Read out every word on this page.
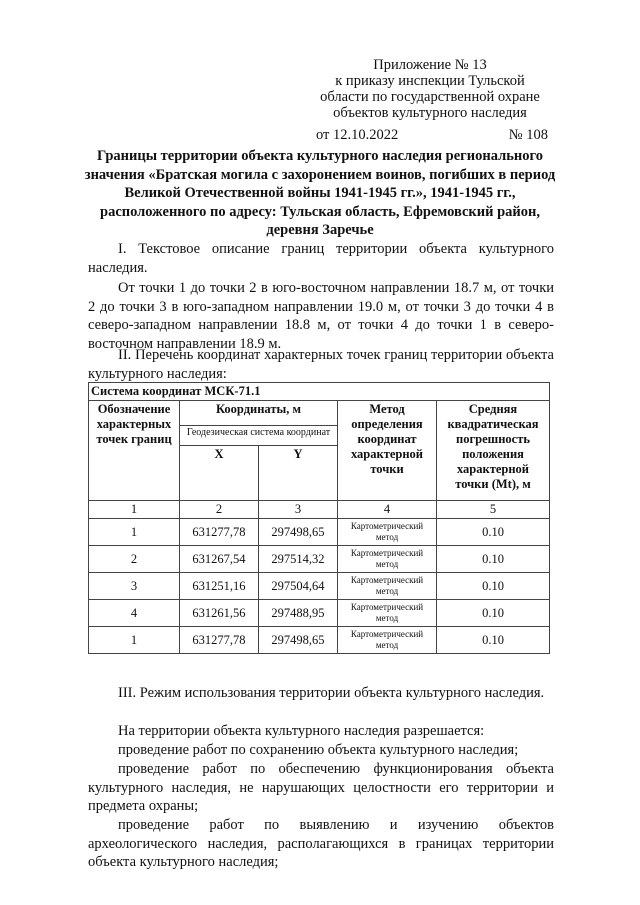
Приложение № 13
к приказу инспекции Тульской
области по государственной охране
объектов культурного наследия
от 12.10.2022	№ 108
Границы территории объекта культурного наследия регионального значения «Братская могила с захоронением воинов, погибших в период Великой Отечественной войны 1941-1945 гг.», 1941-1945 гг., расположенного по адресу: Тульская область, Ефремовский район, деревня Заречье
I. Текстовое описание границ территории объекта культурного наследия.
От точки 1 до точки 2 в юго-восточном направлении 18.7 м, от точки 2 до точки 3 в юго-западном направлении 19.0 м, от точки 3 до точки 4 в северо-западном направлении 18.8 м, от точки 4 до точки 1 в северо-восточном направлении 18.9 м.
II. Перечень координат характерных точек границ территории объекта культурного наследия:
Система координат МСК-71.1				
Обозначение характерных точек границ	Координаты, м		Метод определения координат характерной точки	Средняя квадратическая погрешность положения характерной точки (Mt), м
	Геодезическая система координат			
	X	Y		
1	2	3	4	5
1	631277,78	297498,65	Картометрический метод	0.10
2	631267,54	297514,32	Картометрический метод	0.10
3	631251,16	297504,64	Картометрический метод	0.10
4	631261,56	297488,95	Картометрический метод	0.10
1	631277,78	297498,65	Картометрический метод	0.10
III. Режим использования территории объекта культурного наследия.
На территории объекта культурного наследия разрешается:
проведение работ по сохранению объекта культурного наследия;
проведение работ по обеспечению функционирования объекта культурного наследия, не нарушающих целостности его территории и предмета охраны;
проведение работ по выявлению и изучению объектов археологического наследия, располагающихся в границах территории объекта культурного наследия;
